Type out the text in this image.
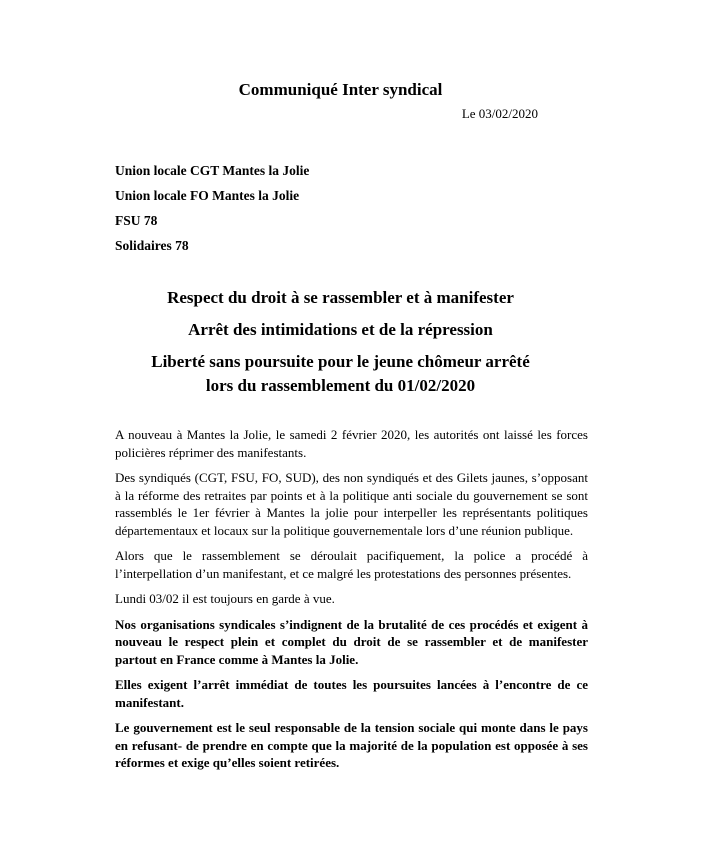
Communiqué Inter syndical

Le 03/02/2020

Union locale CGT Mantes la Jolie

Union locale FO Mantes la Jolie

FSU 78

Solidaires 78

Respect du droit à se rassembler et à manifester

Arrêt des intimidations et de la répression

Liberté sans poursuite pour le jeune chômeur arrêté

lors du rassemblement du 01/02/2020

A nouveau à Mantes la Jolie, le samedi 2 février 2020, les autorités ont laissé les forces policières réprimer des manifestants.

Des syndiqués (CGT, FSU, FO, SUD), des non syndiqués et des Gilets jaunes, s’opposant à la réforme des retraites par points et à la politique anti sociale du gouvernement se sont rassemblés le 1er février à Mantes la jolie pour interpeller les représentants politiques départementaux et locaux sur la politique gouvernementale lors d’une réunion publique.

Alors que le rassemblement se déroulait pacifiquement, la police a procédé à l’interpellation d’un manifestant, et ce malgré les protestations des personnes présentes.

Lundi 03/02 il est toujours en garde à vue.

Nos organisations syndicales s’indignent de la brutalité de ces procédés et exigent à nouveau le respect plein et complet du droit de se rassembler et de manifester partout en France comme à Mantes la Jolie.

Elles exigent l’arrêt immédiat de toutes les poursuites lancées à l’encontre de ce manifestant.

Le gouvernement est le seul responsable de la tension sociale qui monte dans le pays en refusant- de prendre en compte que la majorité de la population est opposée à ses réformes et exige qu’elles soient retirées.
